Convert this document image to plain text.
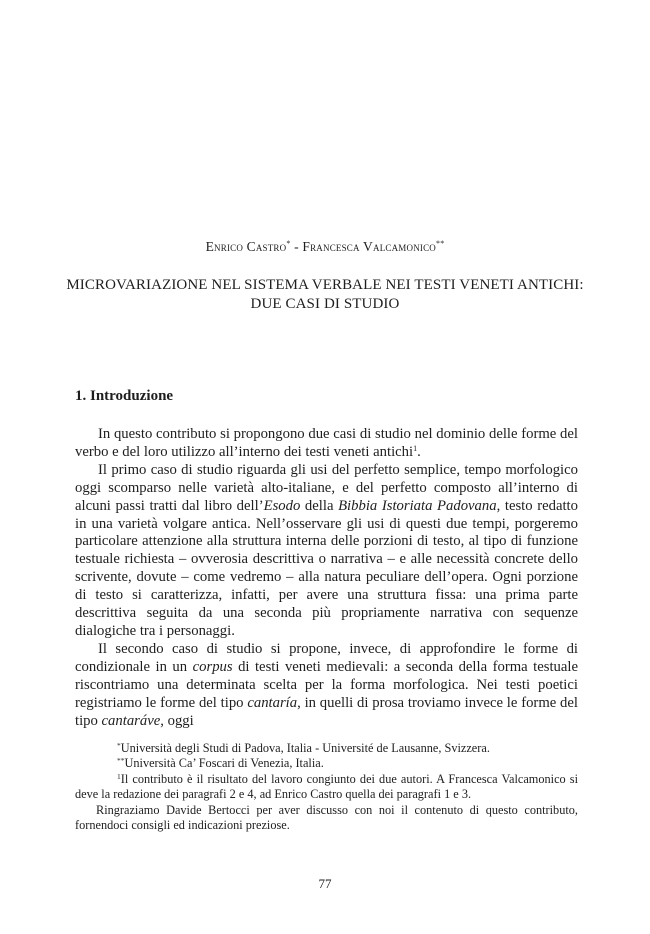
Enrico Castro* - Francesca Valcamonico**
MICROVARIAZIONE NEL SISTEMA VERBALE NEI TESTI VENETI ANTICHI:
DUE CASI DI STUDIO
1. Introduzione

In questo contributo si propongono due casi di studio nel dominio delle forme del verbo e del loro utilizzo all’interno dei testi veneti antichi$^1$.

Il primo caso di studio riguarda gli usi del perfetto semplice, tempo morfologico oggi scomparso nelle varietà alto-italiane, e del perfetto composto all’interno di alcuni passi tratti dal libro dell’Esodo della Bibbia Istoriata Padovana, testo redatto in una varietà volgare antica. Nell’osservare gli usi di questi due tempi, porgeremo particolare attenzione alla struttura interna delle porzioni di testo, al tipo di funzione testuale richiesta – ovverosia descrittiva o narrativa – e alle necessità concrete dello scrivente, dovute – come vedremo – alla natura peculiare dell’opera. Ogni porzione di testo si caratterizza, infatti, per avere una struttura fissa: una prima parte descrittiva seguita da una seconda più propriamente narrativa con sequenze dialogiche tra i personaggi.

Il secondo caso di studio si propone, invece, di approfondire le forme di condizionale in un corpus di testi veneti medievali: a seconda della forma testuale riscontriamo una determinata scelta per la forma morfologica. Nei testi poetici registriamo le forme del tipo cantaría, in quelli di prosa troviamo invece le forme del tipo cantaráve, oggi

*Università degli Studi di Padova, Italia - Université de Lausanne, Svizzera.

**Università Ca’ Foscari di Venezia, Italia.

$^1$Il contributo è il risultato del lavoro congiunto dei due autori. A Francesca Valcamonico si deve la redazione dei paragrafi 2 e 4, ad Enrico Castro quella dei paragrafi 1 e 3.

Ringraziamo Davide Bertocci per aver discusso con noi il contenuto di questo contributo, fornendoci consigli ed indicazioni preziose.

77
